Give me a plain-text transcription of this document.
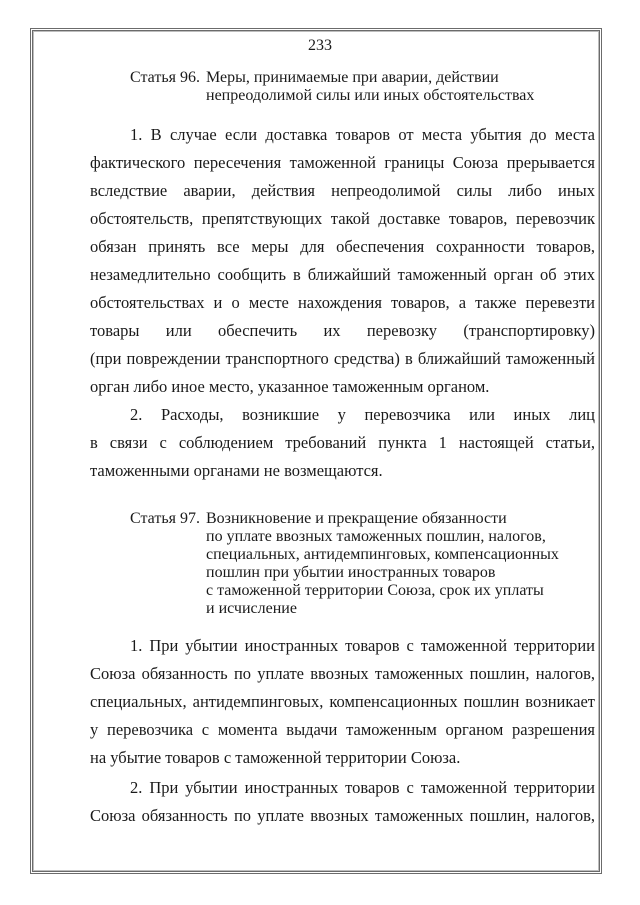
233
Статья 96. Меры, принимаемые при аварии, действии
непреодолимой силы или иных обстоятельствах
1. В случае если доставка товаров от места убытия до места
фактического пересечения таможенной границы Союза прерывается
вследствие аварии, действия непреодолимой силы либо иных
обстоятельств, препятствующих такой доставке товаров, перевозчик
обязан принять все меры для обеспечения сохранности товаров,
незамедлительно сообщить в ближайший таможенный орган об этих
обстоятельствах и о месте нахождения товаров, а также перевезти
товары или обеспечить их перевозку (транспортировку)
(при повреждении транспортного средства) в ближайший таможенный
орган либо иное место, указанное таможенным органом.
2. Расходы, возникшие у перевозчика или иных лиц
в связи с соблюдением требований пункта 1 настоящей статьи,
таможенными органами не возмещаются.
Статья 97. Возникновение и прекращение обязанности
по уплате ввозных таможенных пошлин, налогов,
специальных, антидемпинговых, компенсационных
пошлин при убытии иностранных товаров
с таможенной территории Союза, срок их уплаты
и исчисление
1. При убытии иностранных товаров с таможенной территории
Союза обязанность по уплате ввозных таможенных пошлин, налогов,
специальных, антидемпинговых, компенсационных пошлин возникает
у перевозчика с момента выдачи таможенным органом разрешения
на убытие товаров с таможенной территории Союза.
2. При убытии иностранных товаров с таможенной территории
Союза обязанность по уплате ввозных таможенных пошлин, налогов,
